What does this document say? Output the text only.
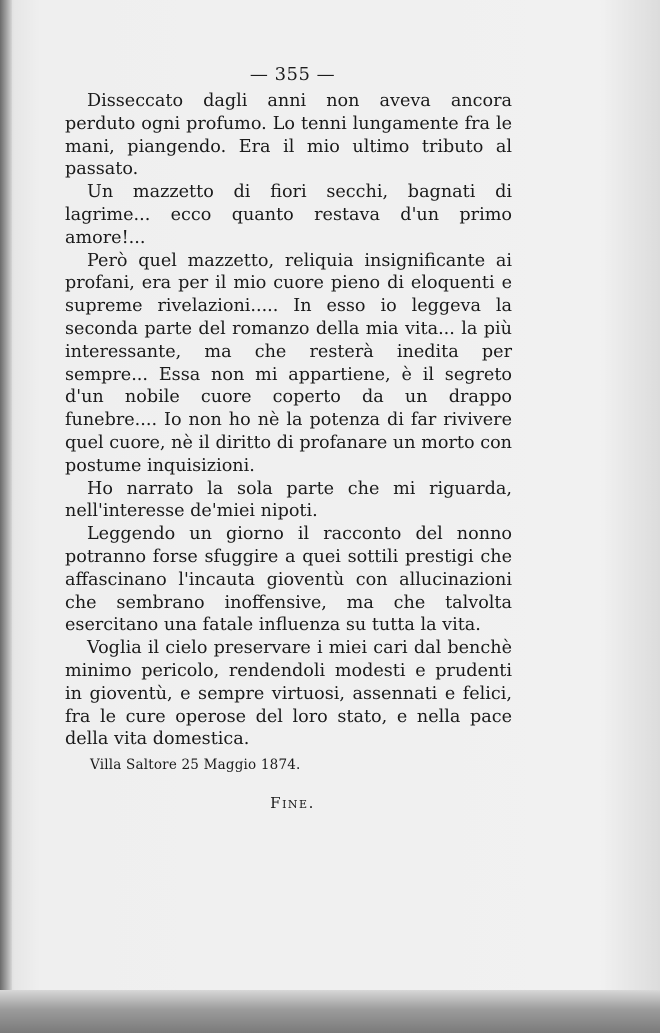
— 355 —

Disseccato dagli anni non aveva ancora perduto ogni profumo. Lo tenni lungamente fra le mani, piangendo. Era il mio ultimo tributo al passato.

Un mazzetto di fiori secchi, bagnati di lagrime... ecco quanto restava d'un primo amore!...

Però quel mazzetto, reliquia insignificante ai profani, era per il mio cuore pieno di eloquenti e supreme rivelazioni..... In esso io leggeva la seconda parte del romanzo della mia vita... la più interessante, ma che resterà inedita per sempre... Essa non mi appartiene, è il segreto d'un nobile cuore coperto da un drappo funebre.... Io non ho nè la potenza di far rivivere quel cuore, nè il diritto di profanare un morto con postume inquisizioni.

Ho narrato la sola parte che mi riguarda, nell'interesse de'miei nipoti.

Leggendo un giorno il racconto del nonno potranno forse sfuggire a quei sottili prestigi che affascinano l'incauta gioventù con allucinazioni che sembrano inoffensive, ma che talvolta esercitano una fatale influenza su tutta la vita.

Voglia il cielo preservare i miei cari dal benchè minimo pericolo, rendendoli modesti e prudenti in gioventù, e sempre virtuosi, assennati e felici, fra le cure operose del loro stato, e nella pace della vita domestica.

Villa Saltore 25 Maggio 1874.
Fine.
